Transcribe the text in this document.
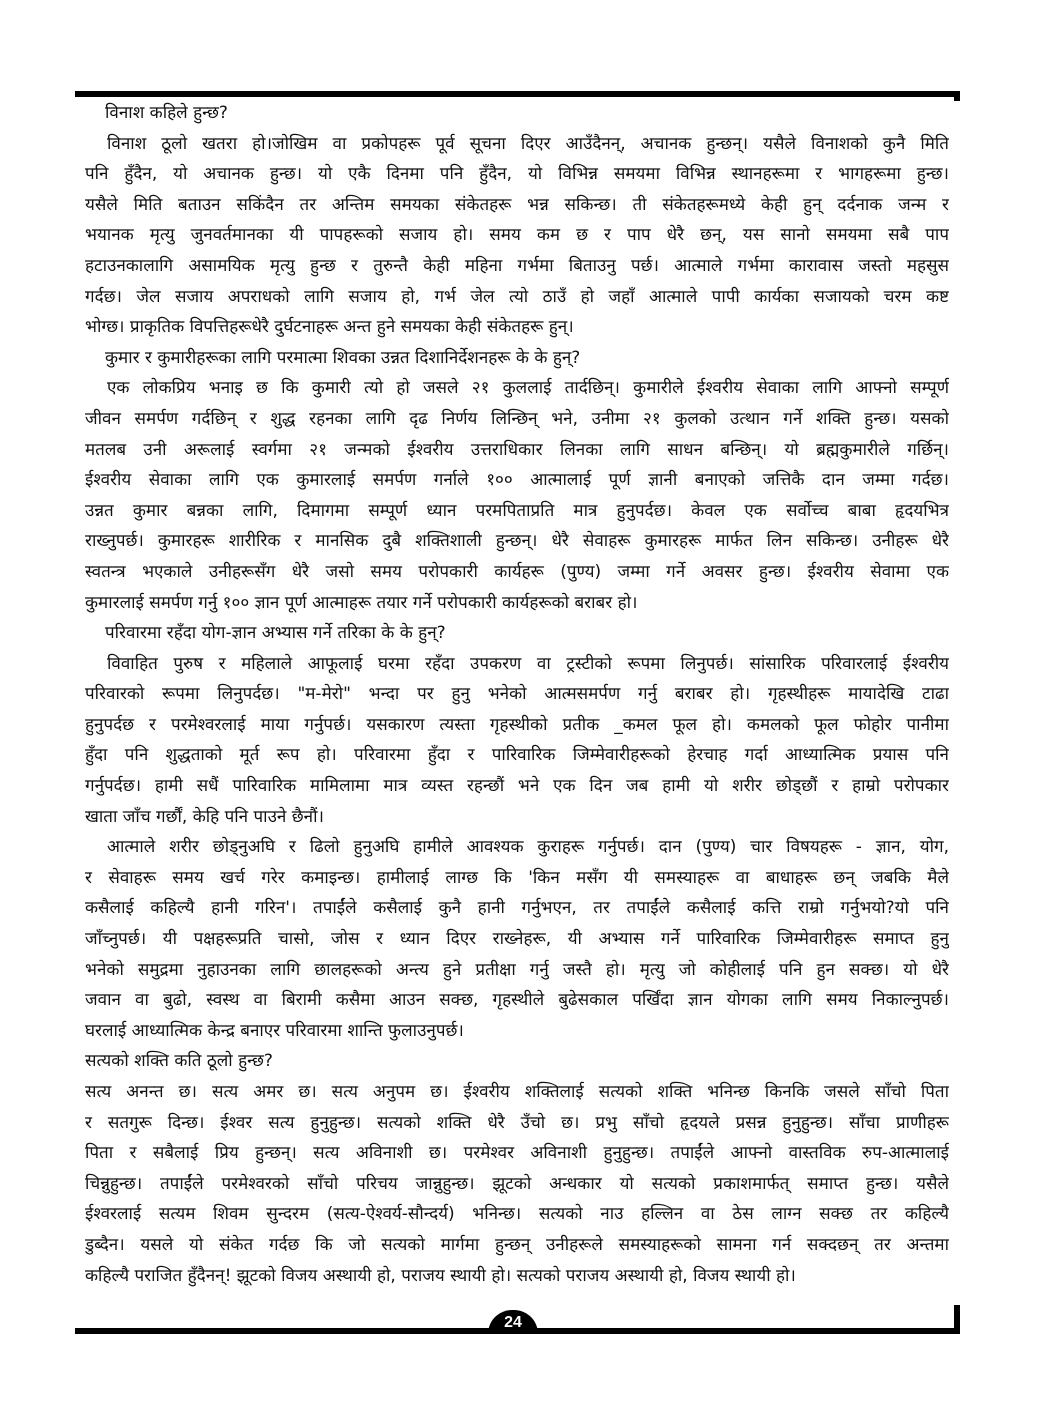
विनाश कहिले हुन्छ?
विनाश ठूलो खतरा हो।जोखिम वा प्रकोपहरू पूर्व सूचना दिएर आउँदैनन्, अचानक हुन्छन्। यसैले विनाशको कुनै मिति
पनि हुँदैन, यो अचानक हुन्छ। यो एकै दिनमा पनि हुँदैन, यो विभिन्न समयमा विभिन्न स्थानहरूमा र भागहरूमा हुन्छ।
यसैले मिति बताउन सकिंदैन तर अन्तिम समयका संकेतहरू भन्न सकिन्छ। ती संकेतहरूमध्ये केही हुन् दर्दनाक जन्म र
भयानक मृत्यु जुनवर्तमानका यी पापहरूको सजाय हो। समय कम छ र पाप धेरै छन्, यस सानो समयमा सबै पाप
हटाउनकालागि असामयिक मृत्यु हुन्छ र तुरुन्तै केही महिना गर्भमा बिताउनु पर्छ। आत्माले गर्भमा कारावास जस्तो महसुस
गर्दछ। जेल सजाय अपराधको लागि सजाय हो, गर्भ जेल त्यो ठाउँ हो जहाँ आत्माले पापी कार्यका सजायको चरम कष्ट
भोग्छ। प्राकृतिक विपत्तिहरूधेरै दुर्घटनाहरू अन्त हुने समयका केही संकेतहरू हुन्।
कुमार र कुमारीहरूका लागि परमात्मा शिवका उन्नत दिशानिर्देशनहरू के के हुन्?
एक लोकप्रिय भनाइ छ कि कुमारी त्यो हो जसले २१ कुललाई तार्दछिन्। कुमारीले ईश्वरीय सेवाका लागि आफ्नो सम्पूर्ण
जीवन समर्पण गर्दछिन् र शुद्ध रहनका लागि दृढ निर्णय लिन्छिन् भने, उनीमा २१ कुलको उत्थान गर्ने शक्ति हुन्छ। यसको
मतलब उनी अरूलाई स्वर्गमा २१ जन्मको ईश्वरीय उत्तराधिकार लिनका लागि साधन बन्छिन्। यो ब्रह्मकुमारीले गर्छिन्।
ईश्वरीय सेवाका लागि एक कुमारलाई समर्पण गर्नाले १०० आत्मालाई पूर्ण ज्ञानी बनाएको जत्तिकै दान जम्मा गर्दछ।
उन्नत कुमार बन्नका लागि, दिमागमा सम्पूर्ण ध्यान परमपिताप्रति मात्र हुनुपर्दछ। केवल एक सर्वोच्च बाबा हृदयभित्र
राख्नुपर्छ। कुमारहरू शारीरिक र मानसिक दुबै शक्तिशाली हुन्छन्। धेरै सेवाहरू कुमारहरू मार्फत लिन सकिन्छ। उनीहरू धेरै
स्वतन्त्र भएकाले उनीहरूसँग धेरै जसो समय परोपकारी कार्यहरू (पुण्य) जम्मा गर्ने अवसर हुन्छ। ईश्वरीय सेवामा एक
कुमारलाई समर्पण गर्नु १०० ज्ञान पूर्ण आत्माहरू तयार गर्ने परोपकारी कार्यहरूको बराबर हो।
परिवारमा रहँदा योग-ज्ञान अभ्यास गर्ने तरिका के के हुन्?
विवाहित पुरुष र महिलाले आफूलाई घरमा रहँदा उपकरण वा ट्रस्टीको रूपमा लिनुपर्छ। सांसारिक परिवारलाई ईश्वरीय
परिवारको रूपमा लिनुपर्दछ। "म-मेरो" भन्दा पर हुनु भनेको आत्मसमर्पण गर्नु बराबर हो। गृहस्थीहरू मायादेखि टाढा
हुनुपर्दछ र परमेश्वरलाई माया गर्नुपर्छ। यसकारण त्यस्ता गृहस्थीको प्रतीक _कमल फूल हो। कमलको फूल फोहोर पानीमा
हुँदा पनि शुद्धताको मूर्त रूप हो। परिवारमा हुँदा र पारिवारिक जिम्मेवारीहरूको हेरचाह गर्दा आध्यात्मिक प्रयास पनि
गर्नुपर्दछ। हामी सधैं पारिवारिक मामिलामा मात्र व्यस्त रहन्छौं भने एक दिन जब हामी यो शरीर छोड्छौं र हाम्रो परोपकार
खाता जाँच गर्छौं, केहि पनि पाउने छैनौं।
आत्माले शरीर छोड्नुअघि र ढिलो हुनुअघि हामीले आवश्यक कुराहरू गर्नुपर्छ। दान (पुण्य) चार विषयहरू - ज्ञान, योग,
र सेवाहरू समय खर्च गरेर कमाइन्छ। हामीलाई लाग्छ कि 'किन मसँग यी समस्याहरू वा बाधाहरू छन् जबकि मैले
कसैलाई कहिल्यै हानी गरिन'। तपाईंले कसैलाई कुनै हानी गर्नुभएन, तर तपाईंले कसैलाई कत्ति राम्रो गर्नुभयो?यो पनि
जाँच्नुपर्छ। यी पक्षहरूप्रति चासो, जोस र ध्यान दिएर राख्नेहरू, यी अभ्यास गर्ने पारिवारिक जिम्मेवारीहरू समाप्त हुनु
भनेको समुद्रमा नुहाउनका लागि छालहरूको अन्त्य हुने प्रतीक्षा गर्नु जस्तै हो। मृत्यु जो कोहीलाई पनि हुन सक्छ। यो धेरै
जवान वा बुढो, स्वस्थ वा बिरामी कसैमा आउन सक्छ, गृहस्थीले बुढेसकाल पर्खिंदा ज्ञान योगका लागि समय निकाल्नुपर्छ।
घरलाई आध्यात्मिक केन्द्र बनाएर परिवारमा शान्ति फुलाउनुपर्छ।
सत्यको शक्ति कति ठूलो हुन्छ?
सत्य अनन्त छ। सत्य अमर छ। सत्य अनुपम छ। ईश्वरीय शक्तिलाई सत्यको शक्ति भनिन्छ किनकि जसले साँचो पिता
र सतगुरू दिन्छ। ईश्वर सत्य हुनुहुन्छ। सत्यको शक्ति धेरै उँचो छ। प्रभु साँचो हृदयले प्रसन्न हुनुहुन्छ। साँचा प्राणीहरू
पिता र सबैलाई प्रिय हुन्छन्। सत्य अविनाशी छ। परमेश्वर अविनाशी हुनुहुन्छ। तपाईंले आफ्नो वास्तविक रुप-आत्मालाई
चिन्नुहुन्छ। तपाईंले परमेश्वरको साँचो परिचय जान्नुहुन्छ। झूटको अन्धकार यो सत्यको प्रकाशमार्फत् समाप्त हुन्छ। यसैले
ईश्वरलाई सत्यम शिवम सुन्दरम (सत्य-ऐश्वर्य-सौन्दर्य) भनिन्छ। सत्यको नाउ हल्लिन वा ठेस लाग्न सक्छ तर कहिल्यै
डुब्दैन। यसले यो संकेत गर्दछ कि जो सत्यको मार्गमा हुन्छन् उनीहरूले समस्याहरूको सामना गर्न सक्दछन् तर अन्तमा
कहिल्यै पराजित हुँदैनन्! झूटको विजय अस्थायी हो, पराजय स्थायी हो। सत्यको पराजय अस्थायी हो, विजय स्थायी हो।
24
